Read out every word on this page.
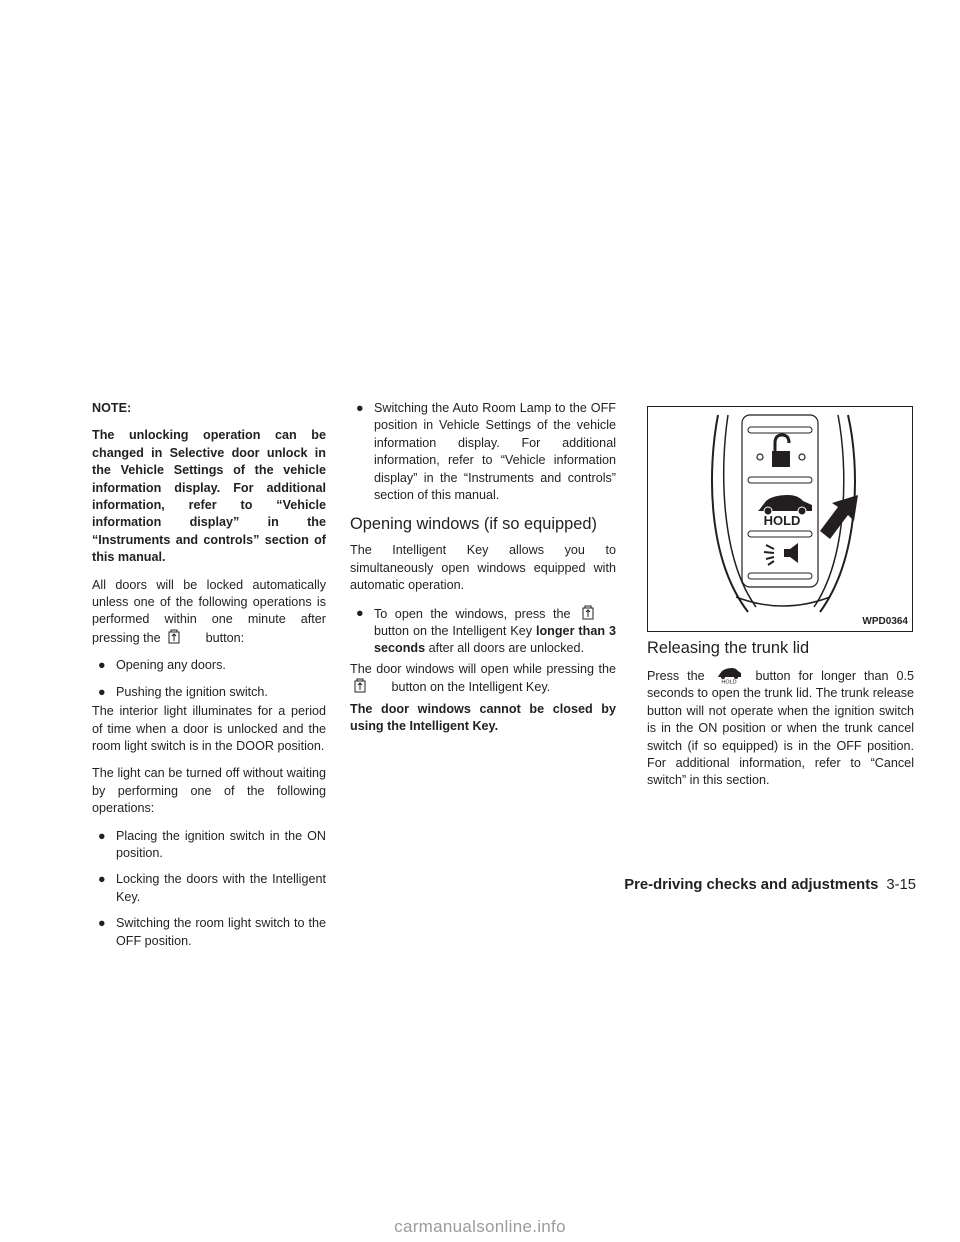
NOTE:

The unlocking operation can be changed in Selective door unlock in the Vehicle Settings of the vehicle information display. For additional information, refer to “Vehicle information display” in the “Instruments and controls” section of this manual.

All doors will be locked automatically unless one of the following operations is performed within one minute after pressing the	button:

● Opening any doors.
● Pushing the ignition switch.

The interior light illuminates for a period of time when a door is unlocked and the room light switch is in the DOOR position.

The light can be turned off without waiting by performing one of the following operations:

● Placing the ignition switch in the ON position.
● Locking the doors with the Intelligent Key.
● Switching the room light switch to the OFF position.
● Switching the Auto Room Lamp to the OFF position in Vehicle Settings of the vehicle information display. For additional information, refer to “Vehicle information display” in the “Instruments and controls” section of this manual.
Opening windows (if so equipped)

The Intelligent Key allows you to simultaneously open windows equipped with automatic operation.

● To open the windows, press the  button on the Intelligent Key longer than 3 seconds after all doors are unlocked.

The door windows will open while pressing the  button on the Intelligent Key.

The door windows cannot be closed by using the Intelligent Key.

HOLD
WPD0364
Releasing the trunk lid

Press the	HOLD button for longer than 0.5 seconds to open the trunk lid. The trunk release button will not operate when the ignition switch is in the ON position or when the trunk cancel switch (if so equipped) is in the OFF position. For additional information, refer to “Cancel switch” in this section.

Pre-driving checks and adjustments 3-15
carmanualsonline.info
